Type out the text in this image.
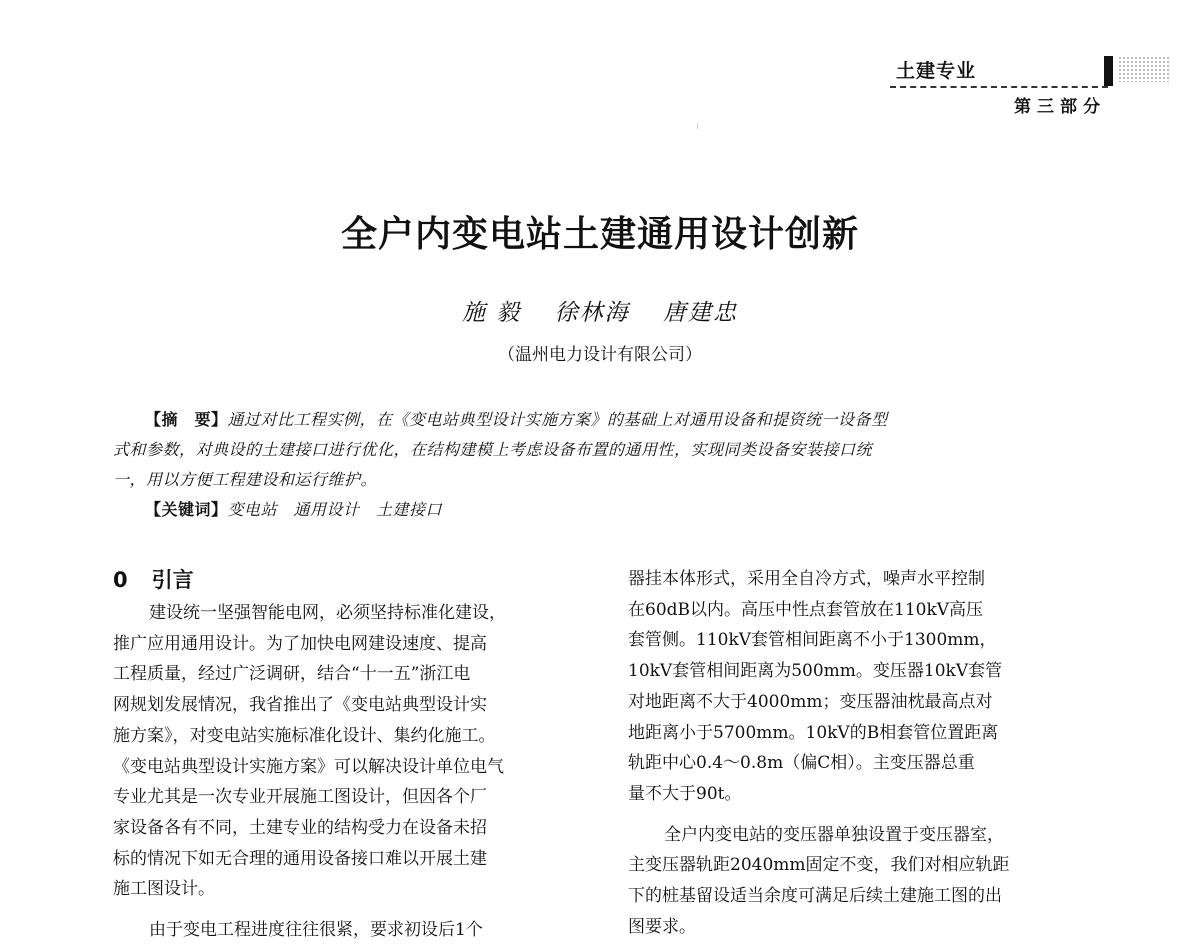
土建专业
第三部分
全户内变电站土建通用设计创新
施 毅 徐林海 唐建忠
（温州电力设计有限公司）
【摘　要】通过对比工程实例，在《变电站典型设计实施方案》的基础上对通用设备和提资统一设备型
式和参数，对典设的土建接口进行优化，在结构建模上考虑设备布置的通用性，实现同类设备安装接口统
一，用以方便工程建设和运行维护。
【关键词】变电站　通用设计　土建接口
0 引言
建设统一坚强智能电网，必须坚持标准化建设，
推广应用通用设计。为了加快电网建设速度、提高
工程质量，经过广泛调研，结合“十一五”浙江电
网规划发展情况，我省推出了《变电站典型设计实
施方案》，对变电站实施标准化设计、集约化施工。
《变电站典型设计实施方案》可以解决设计单位电气
专业尤其是一次专业开展施工图设计，但因各个厂
家设备各有不同，土建专业的结构受力在设备未招
标的情况下如无合理的通用设备接口难以开展土建
施工图设计。
由于变电工程进度往往很紧，要求初设后1个
器挂本体形式，采用全自冷方式，噪声水平控制
在60dB以内。高压中性点套管放在110kV高压
套管侧。110kV套管相间距离不小于1300mm，
10kV套管相间距离为500mm。变压器10kV套管
对地距离不大于4000mm；变压器油枕最高点对
地距离小于5700mm。10kV的B相套管位置距离
轨距中心0.4～0.8m（偏C相）。主变压器总重
量不大于90t。
全户内变电站的变压器单独设置于变压器室，
主变压器轨距2040mm固定不变，我们对相应轨距
下的桩基留设适当余度可满足后续土建施工图的出
图要求。
